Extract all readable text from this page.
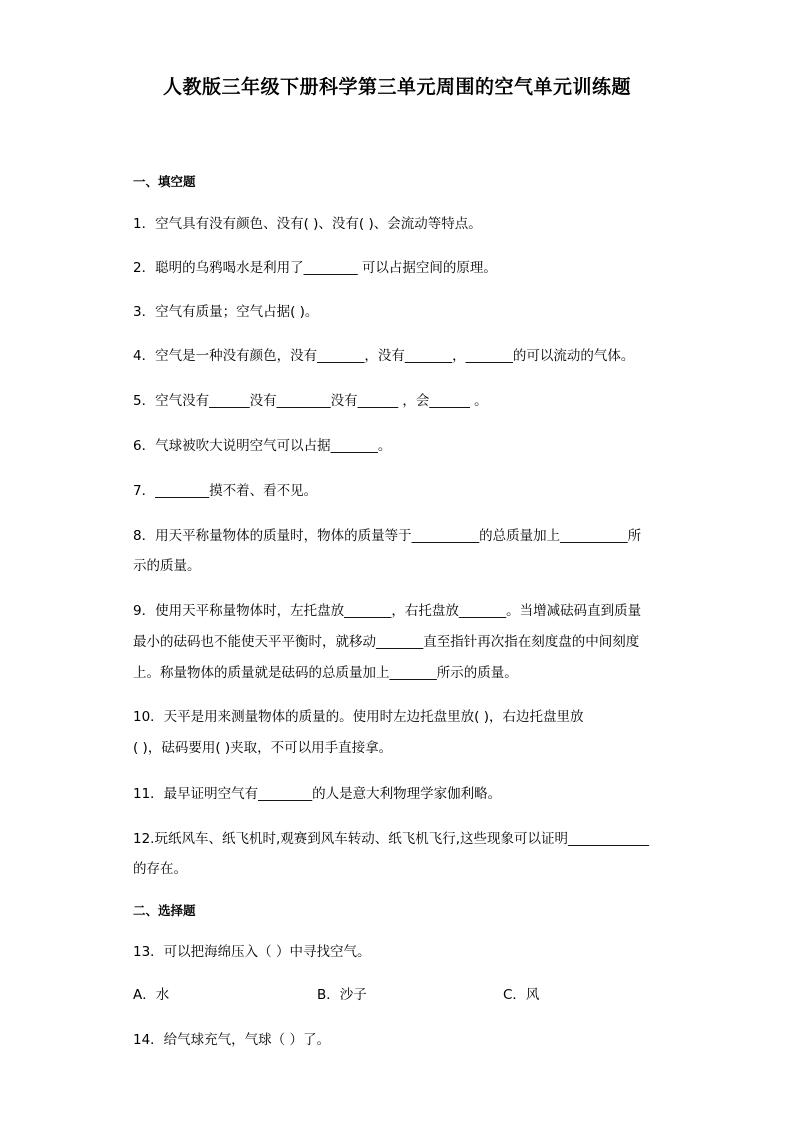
人教版三年级下册科学第三单元周围的空气单元训练题
一、填空题
1．空气具有没有颜色、没有( )、没有( )、会流动等特点。
2．聪明的乌鸦喝水是利用了________ 可以占据空间的原理。
3．空气有质量；空气占据( )。
4．空气是一种没有颜色，没有_______，没有_______，_______的可以流动的气体。
5．空气没有______没有________没有______ ，会______ 。
6．气球被吹大说明空气可以占据_______。
7．________摸不着、看不见。
8．用天平称量物体的质量时，物体的质量等于__________的总质量加上__________所
示的质量。
9．使用天平称量物体时，左托盘放_______，右托盘放_______。当增减砝码直到质量
最小的砝码也不能使天平平衡时，就移动_______直至指针再次指在刻度盘的中间刻度
上。称量物体的质量就是砝码的总质量加上_______所示的质量。
10．天平是用来测量物体的质量的。使用时左边托盘里放( )，右边托盘里放
( )，砝码要用( )夹取，不可以用手直接拿。
11．最早证明空气有________的人是意大利物理学家伽利略。
12.玩纸风车、纸飞机时,观赛到风车转动、纸飞机飞行,这些现象可以证明____________
的存在。
二、选择题
13．可以把海绵压入（ ）中寻找空气。
A．水	B．沙子	C．风
14．给气球充气，气球（ ）了。
